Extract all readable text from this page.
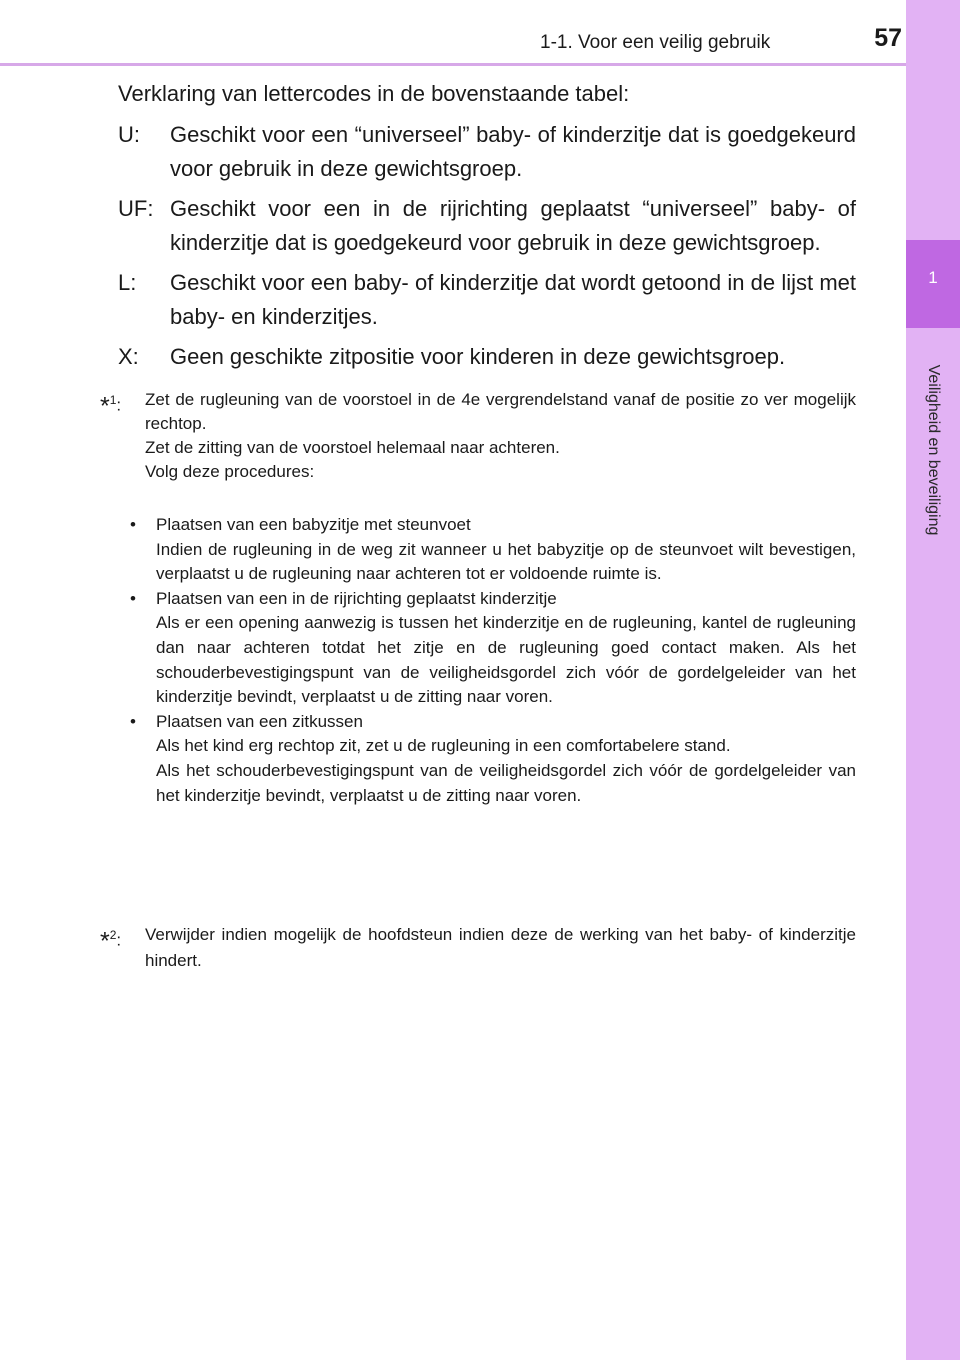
1-1. Voor een veilig gebruik	57
1
Veiligheid en beveiliging
Verklaring van lettercodes in de bovenstaande tabel:
U:	Geschikt voor een “universeel” baby- of kinderzitje dat is goedgekeurd voor gebruik in deze gewichtsgroep.
UF: Geschikt voor een in de rijrichting geplaatst “universeel” baby- of kinderzitje dat is goedgekeurd voor gebruik in deze gewichtsgroep.
L:	Geschikt voor een baby- of kinderzitje dat wordt getoond in de lijst met baby- en kinderzitjes.
X:	Geen geschikte zitpositie voor kinderen in deze gewichtsgroep.
*$^1$:	Zet de rugleuning van de voorstoel in de 4e vergrendelstand vanaf de positie zo ver mogelijk rechtop.
Zet de zitting van de voorstoel helemaal naar achteren.
Volg deze procedures:
•	Plaatsen van een babyzitje met steunvoet

Indien de rugleuning in de weg zit wanneer u het babyzitje op de steunvoet wilt bevestigen, verplaatst u de rugleuning naar achteren tot er voldoende ruimte is.

•	Plaatsen van een in de rijrichting geplaatst kinderzitje

Als er een opening aanwezig is tussen het kinderzitje en de rugleuning, kantel de rugleuning dan naar achteren totdat het zitje en de rugleuning goed contact maken. Als het schouderbevestigingspunt van de veiligheidsgordel zich vóór de gordelgeleider van het kinderzitje bevindt, verplaatst u de zitting naar voren.

•	Plaatsen van een zitkussen

Als het kind erg rechtop zit, zet u de rugleuning in een comfortabelere stand.

Als het schouderbevestigingspunt van de veiligheidsgordel zich vóór de gordelgeleider van het kinderzitje bevindt, verplaatst u de zitting naar voren.

*$^2$:	Verwijder indien mogelijk de hoofdsteun indien deze de werking van het baby- of kinderzitje hindert.
